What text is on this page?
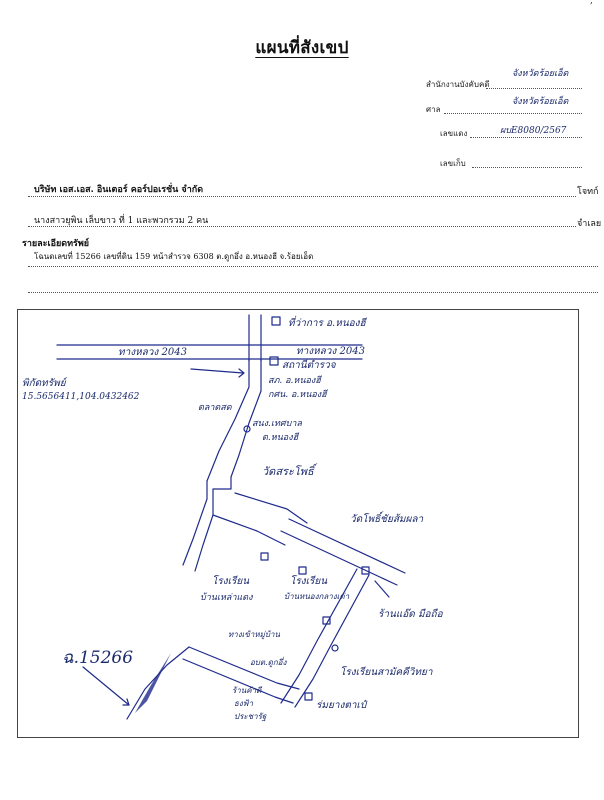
,
แผนที่สังเขป
สำนักงานบังคับคดี
จังหวัดร้อยเอ็ด
ศาล
จังหวัดร้อยเอ็ด
เลขแดง	ผบE8080/2567
เลขเก็บ
บริษัท เอส.เอส. อินเตอร์ คอร์ปอเรชั่น จำกัด	โจทก์
นางสาวยุพิน เล็บขาว ที่ 1 และพวกรวม 2 คน	จำเลย
รายละเอียดทรัพย์
โฉนดเลขที่ 15266 เลขที่ดิน 159 หน้าสำรวจ 6308 ต.ดูกอึ่ง อ.หนองฮี จ.ร้อยเอ็ด
ที่ว่าการ อ.หนองฮี
ทางหลวง 2043	ทางหลวง 2043
สถานีตำรวจ
สภ. อ.หนองฮี
กศน. อ.หนองฮี
พิกัดทรัพย์
15.5656411,104.0432462
ตลาดสด
สนง.เทศบาล
ต.หนองฮี
วัดสระโพธิ์
วัดโพธิ์ชัยส้มผลา
โรงเรียน
บ้านเหล่าแดง
โรงเรียน
บ้านหนองกลางเต่า
ร้านแอ๊ด มือถือ
ฉ.15266
ทางเข้าหมู่บ้าน
อบต.ดูกอึ่ง
โรงเรียนสามัคคีวิทยา
ร้านค้าดี
ธงฟ้า
ประชารัฐ
ร่มยางตาเป๋
